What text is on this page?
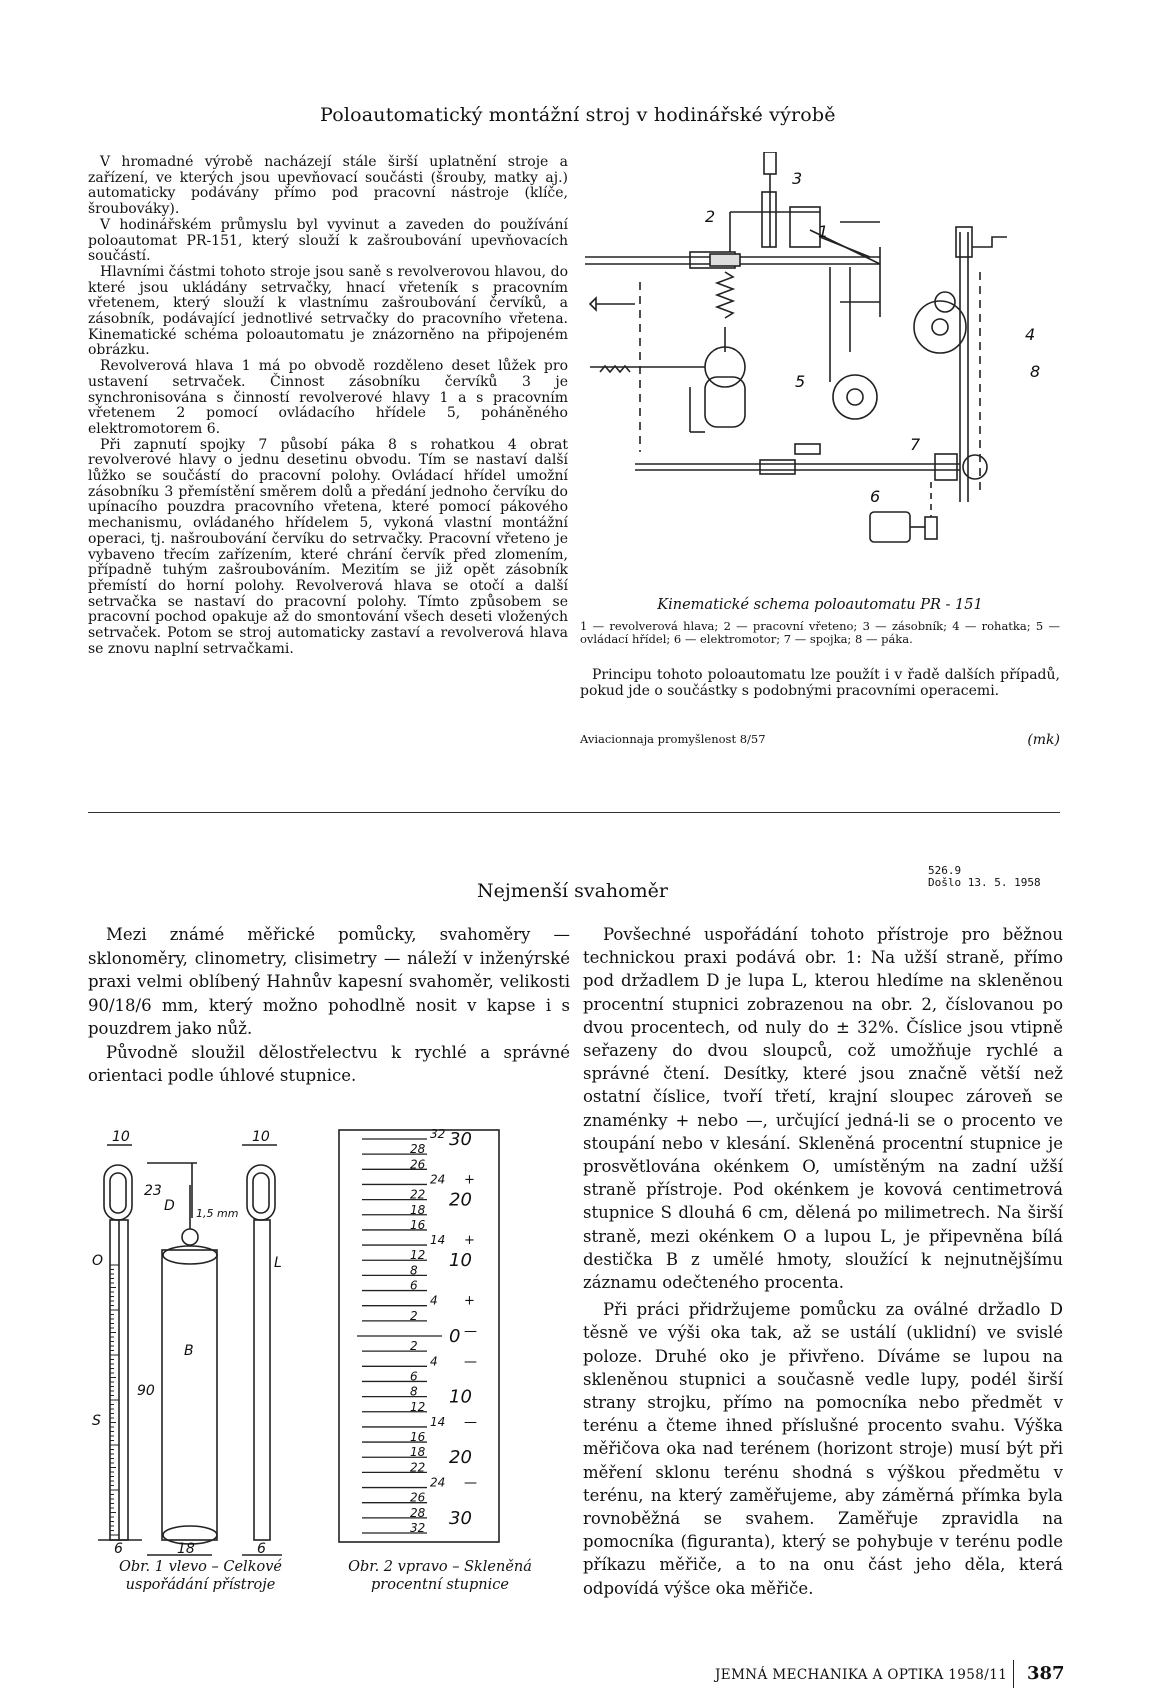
Poloautomatický montážní stroj v hodinářské výrobě

V hromadné výrobě nacházejí stále širší uplatnění stroje a zařízení, ve kterých jsou upevňovací součásti (šrouby, matky aj.) automaticky podávány přímo pod pracovní nástroje (klíče, šroubováky).

V hodinářském průmyslu byl vyvinut a zaveden do používání poloautomat PR-151, který slouží k zašroubování upevňovacích součástí.

Hlavními částmi tohoto stroje jsou saně s revolverovou hlavou, do které jsou ukládány setrvačky, hnací vřeteník s pracovním vřetenem, který slouží k vlastnímu zašroubování červíků, a zásobník, podávající jednotlivé setrvačky do pracovního vřetena. Kinematické schéma poloautomatu je znázorněno na připojeném obrázku.

Revolverová hlava 1 má po obvodě rozděleno deset lůžek pro ustavení setrvaček. Činnost zásobníku červíků 3 je synchronisována s činností revolverové hlavy 1 a s pracovním vřetenem 2 pomocí ovládacího hřídele 5, poháněného elektromotorem 6.

Při zapnutí spojky 7 působí páka 8 s rohatkou 4 obrat revolverové hlavy o jednu desetinu obvodu. Tím se nastaví další lůžko se součástí do pracovní polohy. Ovládací hřídel umožní zásobníku 3 přemístění směrem dolů a předání jednoho červíku do upínacího pouzdra pracovního vřetena, které pomocí pákového mechanismu, ovládaného hřídelem 5, vykoná vlastní montážní operaci, tj. našroubování červíku do setrvačky. Pracovní vřeteno je vybaveno třecím zařízením, které chrání červík před zlomením, případně tuhým zašroubováním. Mezitím se již opět zásobník přemístí do horní polohy. Revolverová hlava se otočí a další setrvačka se nastaví do pracovní polohy. Tímto způsobem se pracovní pochod opakuje až do smontování všech deseti vložených setrvaček. Potom se stroj automaticky zastaví a revolverová hlava se znovu naplní setrvačkami.

3
2
1
4
5
8
7
6
Kinematické schema poloautomatu PR - 151
1 — revolverová hlava; 2 — pracovní vřeteno; 3 — zásobník; 4 — rohatka; 5 — ovládací hřídel; 6 — elektromotor; 7 — spojka; 8 — páka.

Principu tohoto poloautomatu lze použít i v řadě dalších případů, pokud jde o součástky s podobnými pracovními operacemi.

Aviacionnaja promyšlenost 8/57	(mk)
526.9
Došlo 13. 5. 1958
Nejmenší svahoměr

Mezi známé měřické pomůcky, svahoměry — sklonoměry, clinometry, clisimetry — náleží v inženýrské praxi velmi oblíbený Hahnův kapesní svahoměr, velikosti 90/18/6 mm, který možno pohodlně nosit v kapse i s pouzdrem jako nůž.

Původně sloužil dělostřelectvu k rychlé a správné orientaci podle úhlové stupnice.

Povšechné uspořádání tohoto přístroje pro běžnou technickou praxi podává obr. 1: Na užší straně, přímo pod držadlem D je lupa L, kterou hledíme na skleněnou procentní stupnici zobrazenou na obr. 2, číslovanou po dvou procentech, od nuly do ± 32%. Číslice jsou vtipně seřazeny do dvou sloupců, což umožňuje rychlé a správné čtení. Desítky, které jsou značně větší než ostatní číslice, tvoří třetí, krajní sloupec zároveň se znaménky + nebo —, určující jedná-li se o procento ve stoupání nebo v klesání. Skleněná procentní stupnice je prosvětlována okénkem O, umístěným na zadní užší straně přístroje. Pod okénkem je kovová centimetrová stupnice S dlouhá 6 cm, dělená po milimetrech. Na širší straně, mezi okénkem O a lupou L, je připevněna bílá destička B z umělé hmoty, sloužící k nejnutnějšímu záznamu odečteného procenta.

Při práci přidržujeme pomůcku za oválné držadlo D těsně ve výši oka tak, až se ustálí (uklidní) ve svislé poloze. Druhé oko je přivřeno. Díváme se lupou na skleněnou stupnici a současně vedle lupy, podél širší strany strojku, přímo na pomocníka nebo předmět v terénu a čteme ihned příslušné procento svahu. Výška měřičova oka nad terénem (horizont stroje) musí být při měření sklonu terénu shodná s výškou předmětu v terénu, na který zaměřujeme, aby záměrná přímka byla rovnoběžná se svahem. Zaměřuje zpravidla na pomocníka (figuranta), který se pohybuje v terénu podle příkazu měřiče, a to na onu část jeho děla, která odpovídá výšce oka měřiče.

10	10
D
23
1,5 mm
O	L
B
S
90
6	18	6
32 30
28
26
24 +
22 20
18
16
14 +
12 10
8
6
4 +
2
0 —
2
4 —
6
8 10
12
14 —
16
18 20
22
24 —
26
28 30
32
Obr. 1 vlevo – Celkové uspořádání přístroje
Obr. 2 vpravo – Skleněná procentní stupnice
JEMNÁ MECHANIKA A OPTIKA 1958/11 387
